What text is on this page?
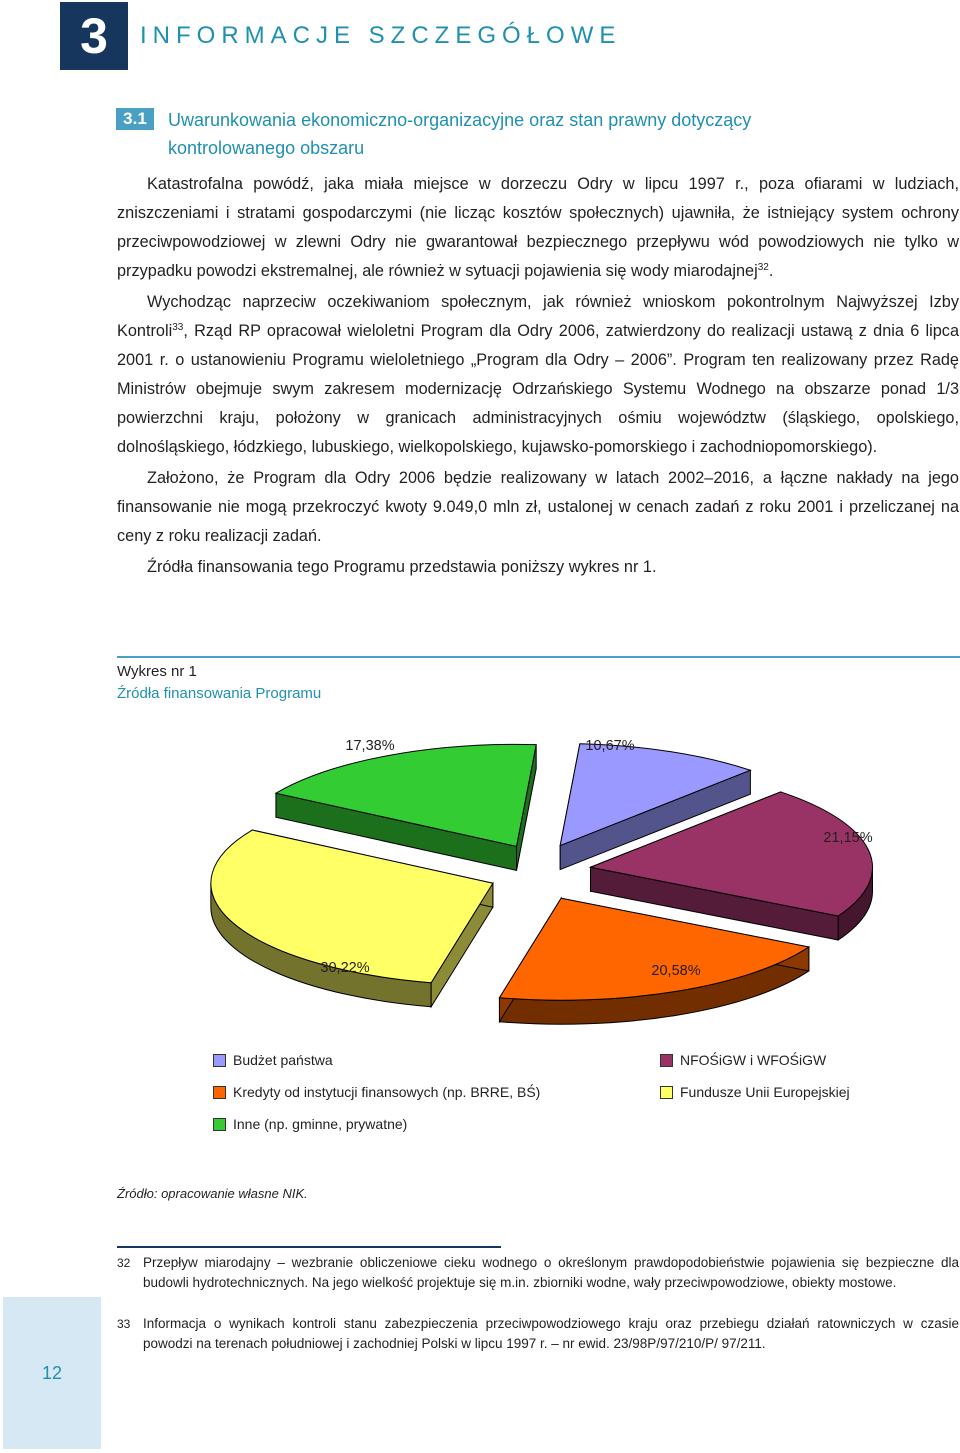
3	INFORMACJE SZCZEGÓŁOWE
3.1	Uwarunkowania ekonomiczno-organizacyjne oraz stan prawny dotyczący kontrolowanego obszaru

Katastrofalna powódź, jaka miała miejsce w dorzeczu Odry w lipcu 1997 r., poza ofiarami w ludziach, zniszczeniami i stratami gospodarczymi (nie licząc kosztów społecznych) ujawniła, że istniejący system ochrony przeciwpowodziowej w zlewni Odry nie gwarantował bezpiecznego przepływu wód powodziowych nie tylko w przypadku powodzi ekstremalnej, ale również w sytuacji pojawienia się wody miarodajnej$^{32}$.

Wychodząc naprzeciw oczekiwaniom społecznym, jak również wnioskom pokontrolnym Najwyższej Izby Kontroli$^{33}$, Rząd RP opracował wieloletni Program dla Odry 2006, zatwierdzony do realizacji ustawą z dnia 6 lipca 2001 r. o ustanowieniu Programu wieloletniego „Program dla Odry – 2006”. Program ten realizowany przez Radę Ministrów obejmuje swym zakresem modernizację Odrzańskiego Systemu Wodnego na obszarze ponad 1/3 powierzchni kraju, położony w granicach administracyjnych ośmiu województw (śląskiego, opolskiego, dolnośląskiego, łódzkiego, lubuskiego, wielkopolskiego, kujawsko-pomorskiego i zachodniopomorskiego).

Założono, że Program dla Odry 2006 będzie realizowany w latach 2002–2016, a łączne nakłady na jego finansowanie nie mogą przekroczyć kwoty 9.049,0 mln zł, ustalonej w cenach zadań z roku 2001 i przeliczanej na ceny z roku realizacji zadań.

Źródła finansowania tego Programu przedstawia poniższy wykres nr 1.

Wykres nr 1
Źródła finansowania Programu
10,67%
21,15%
20,58%
30,22%
17,38%
Budżet państwa	NFOŚiGW i WFOŚiGW
Kredyty od instytucji finansowych (np. BRRE, BŚ)	Fundusze Unii Europejskiej
Inne (np. gminne, prywatne)
Źródło: opracowanie własne NIK.
32 Przepływ miarodajny – wezbranie obliczeniowe cieku wodnego o określonym prawdopodobieństwie pojawienia się bezpieczne dla budowli hydrotechnicznych. Na jego wielkość projektuje się m.in. zbiorniki wodne, wały przeciwpowodziowe, obiekty mostowe.
33 Informacja o wynikach kontroli stanu zabezpieczenia przeciwpowodziowego kraju oraz przebiegu działań ratowniczych w czasie powodzi na terenach południowej i zachodniej Polski w lipcu 1997 r. – nr ewid. 23/98P/97/210/P/ 97/211.
12
